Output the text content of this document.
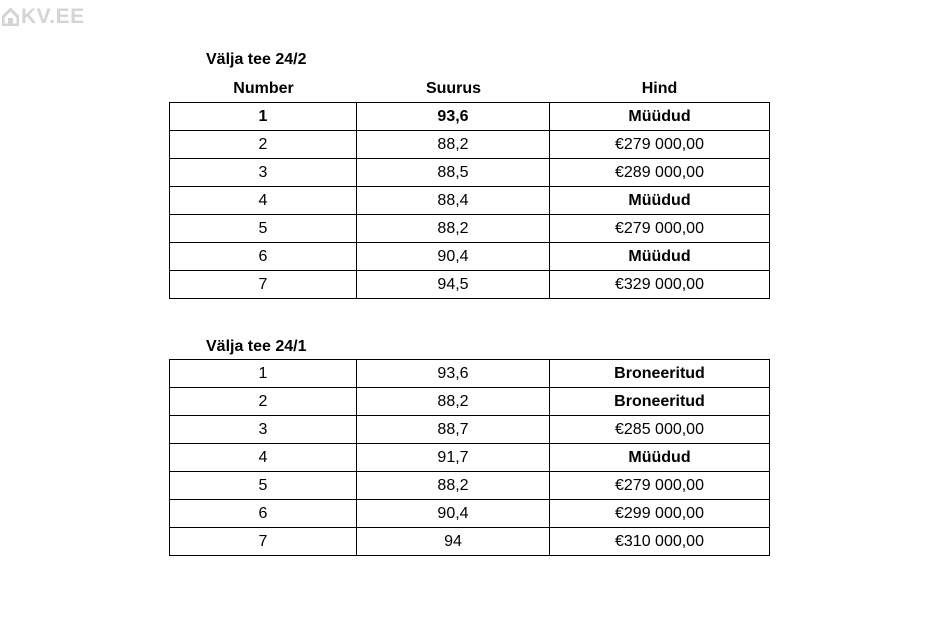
KV.EE
Välja tee 24/2
Number	Suurus	Hind
1	93,6	Müüdud
2	88,2	€279 000,00
3	88,5	€289 000,00
4	88,4	Müüdud
5	88,2	€279 000,00
6	90,4	Müüdud
7	94,5	€329 000,00
Välja tee 24/1
1	93,6	Broneeritud
2	88,2	Broneeritud
3	88,7	€285 000,00
4	91,7	Müüdud
5	88,2	€279 000,00
6	90,4	€299 000,00
7	94	€310 000,00
